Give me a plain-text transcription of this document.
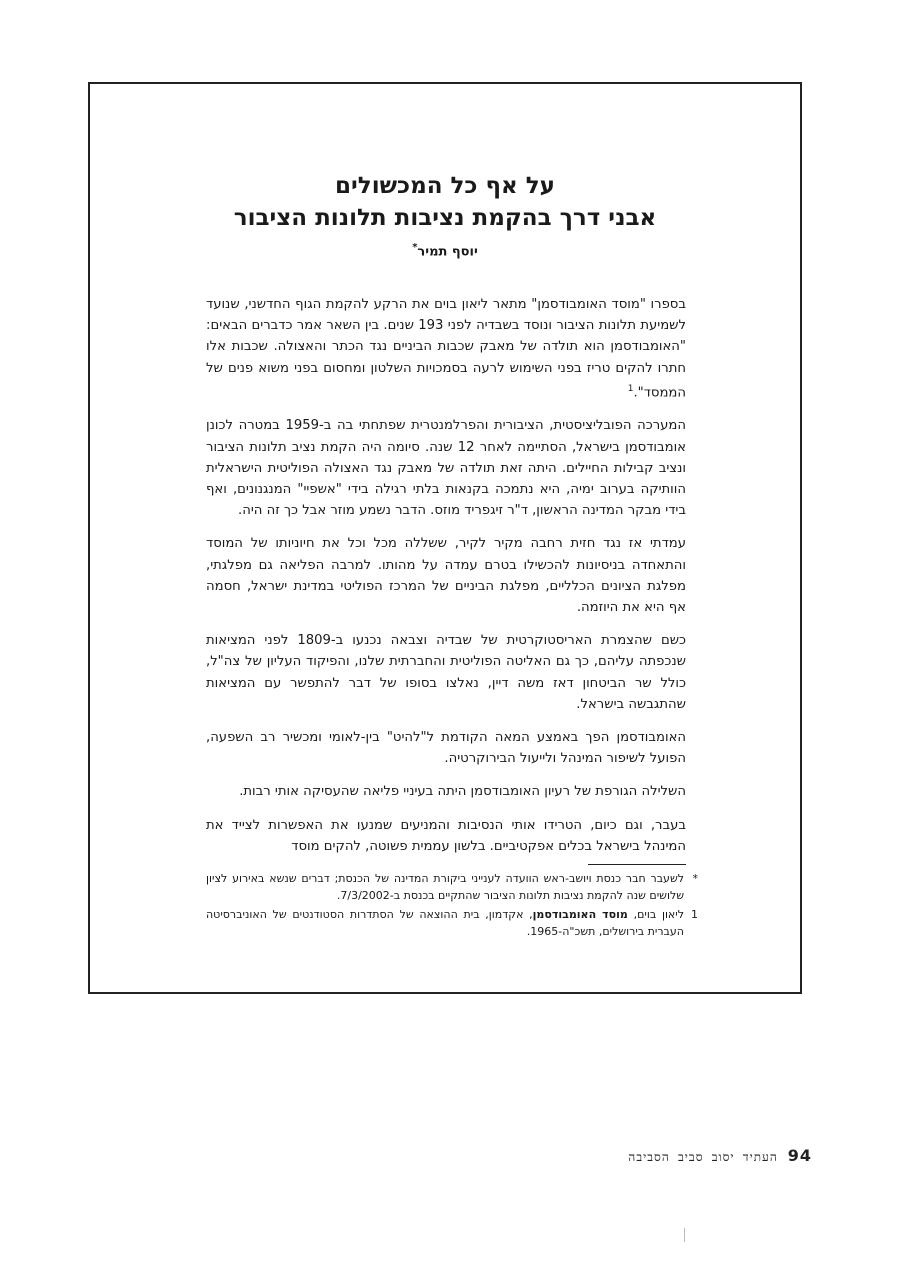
על אף כל המכשולים
אבני דרך בהקמת נציבות תלונות הציבור
יוסף תמיר*

בספרו "מוסד האומבודסמן" מתאר ליאון בוים את הרקע להקמת הגוף החדשני, שנועד לשמיעת תלונות הציבור ונוסד בשבדיה לפני 193 שנים. בין השאר אמר כדברים הבאים: "האומבודסמן הוא תולדה של מאבק שכבות הביניים נגד הכתר והאצולה. שכבות אלו חתרו להקים טריז בפני השימוש לרעה בסמכויות השלטון ומחסום בפני משוא פנים של הממסד".$^1$

המערכה הפובליציסטית, הציבורית והפרלמנטרית שפתחתי בה ב-1959 במטרה לכונן אומבודסמן בישראל, הסתיימה לאחר 12 שנה. סיומה היה הקמת נציב תלונות הציבור ונציב קבילות החיילים. היתה זאת תולדה של מאבק נגד האצולה הפוליטית הישראלית הוותיקה בערוב ימיה, היא נתמכה בקנאות בלתי רגילה בידי "אשפיי" המנגנונים, ואף בידי מבקר המדינה הראשון, ד"ר זיגפריד מוזס. הדבר נשמע מוזר אבל כך זה היה.

עמדתי אז נגד חזית רחבה מקיר לקיר, ששללה מכל וכל את חיוניותו של המוסד והתאחדה בניסיונות להכשילו בטרם עמדה על מהותו. למרבה הפליאה גם מפלגתי, מפלגת הציונים הכלליים, מפלגת הביניים של המרכז הפוליטי במדינת ישראל, חסמה אף היא את היוזמה.

כשם שהצמרת האריסטוקרטית של שבדיה וצבאה נכנעו ב-1809 לפני המציאות שנכפתה עליהם, כך גם האליטה הפוליטית והחברתית שלנו, והפיקוד העליון של צה"ל, כולל שר הביטחון דאז משה דיין, נאלצו בסופו של דבר להתפשר עם המציאות שהתגבשה בישראל.

האומבודסמן הפך באמצע המאה הקודמת ל"להיט" בין-לאומי ומכשיר רב השפעה, הפועל לשיפור המינהל ולייעול הבירוקרטיה.

השלילה הגורפת של רעיון האומבודסמן היתה בעיניי פליאה שהעסיקה אותי רבות.

בעבר, וגם כיום, הטרידו אותי הנסיבות והמניעים שמנעו את האפשרות לצייד את המינהל בישראל בכלים אפקטיביים. בלשון עממית פשוטה, להקים מוסד

*
לשעבר חבר כנסת ויושב-ראש הוועדה לענייני ביקורת המדינה של הכנסת; דברים שנשא באירוע לציון שלושים שנה להקמת נציבות תלונות הציבור שהתקיים בכנסת ב-7/3/2002.
1
ליאון בוים, מוסד האומבודסמן, אקדמון, בית ההוצאה של הסתדרות הסטודנטים של האוניברסיטה העברית בירושלים, תשכ"ה-1965.
94
העתיד יסוב סביב הסביבה
